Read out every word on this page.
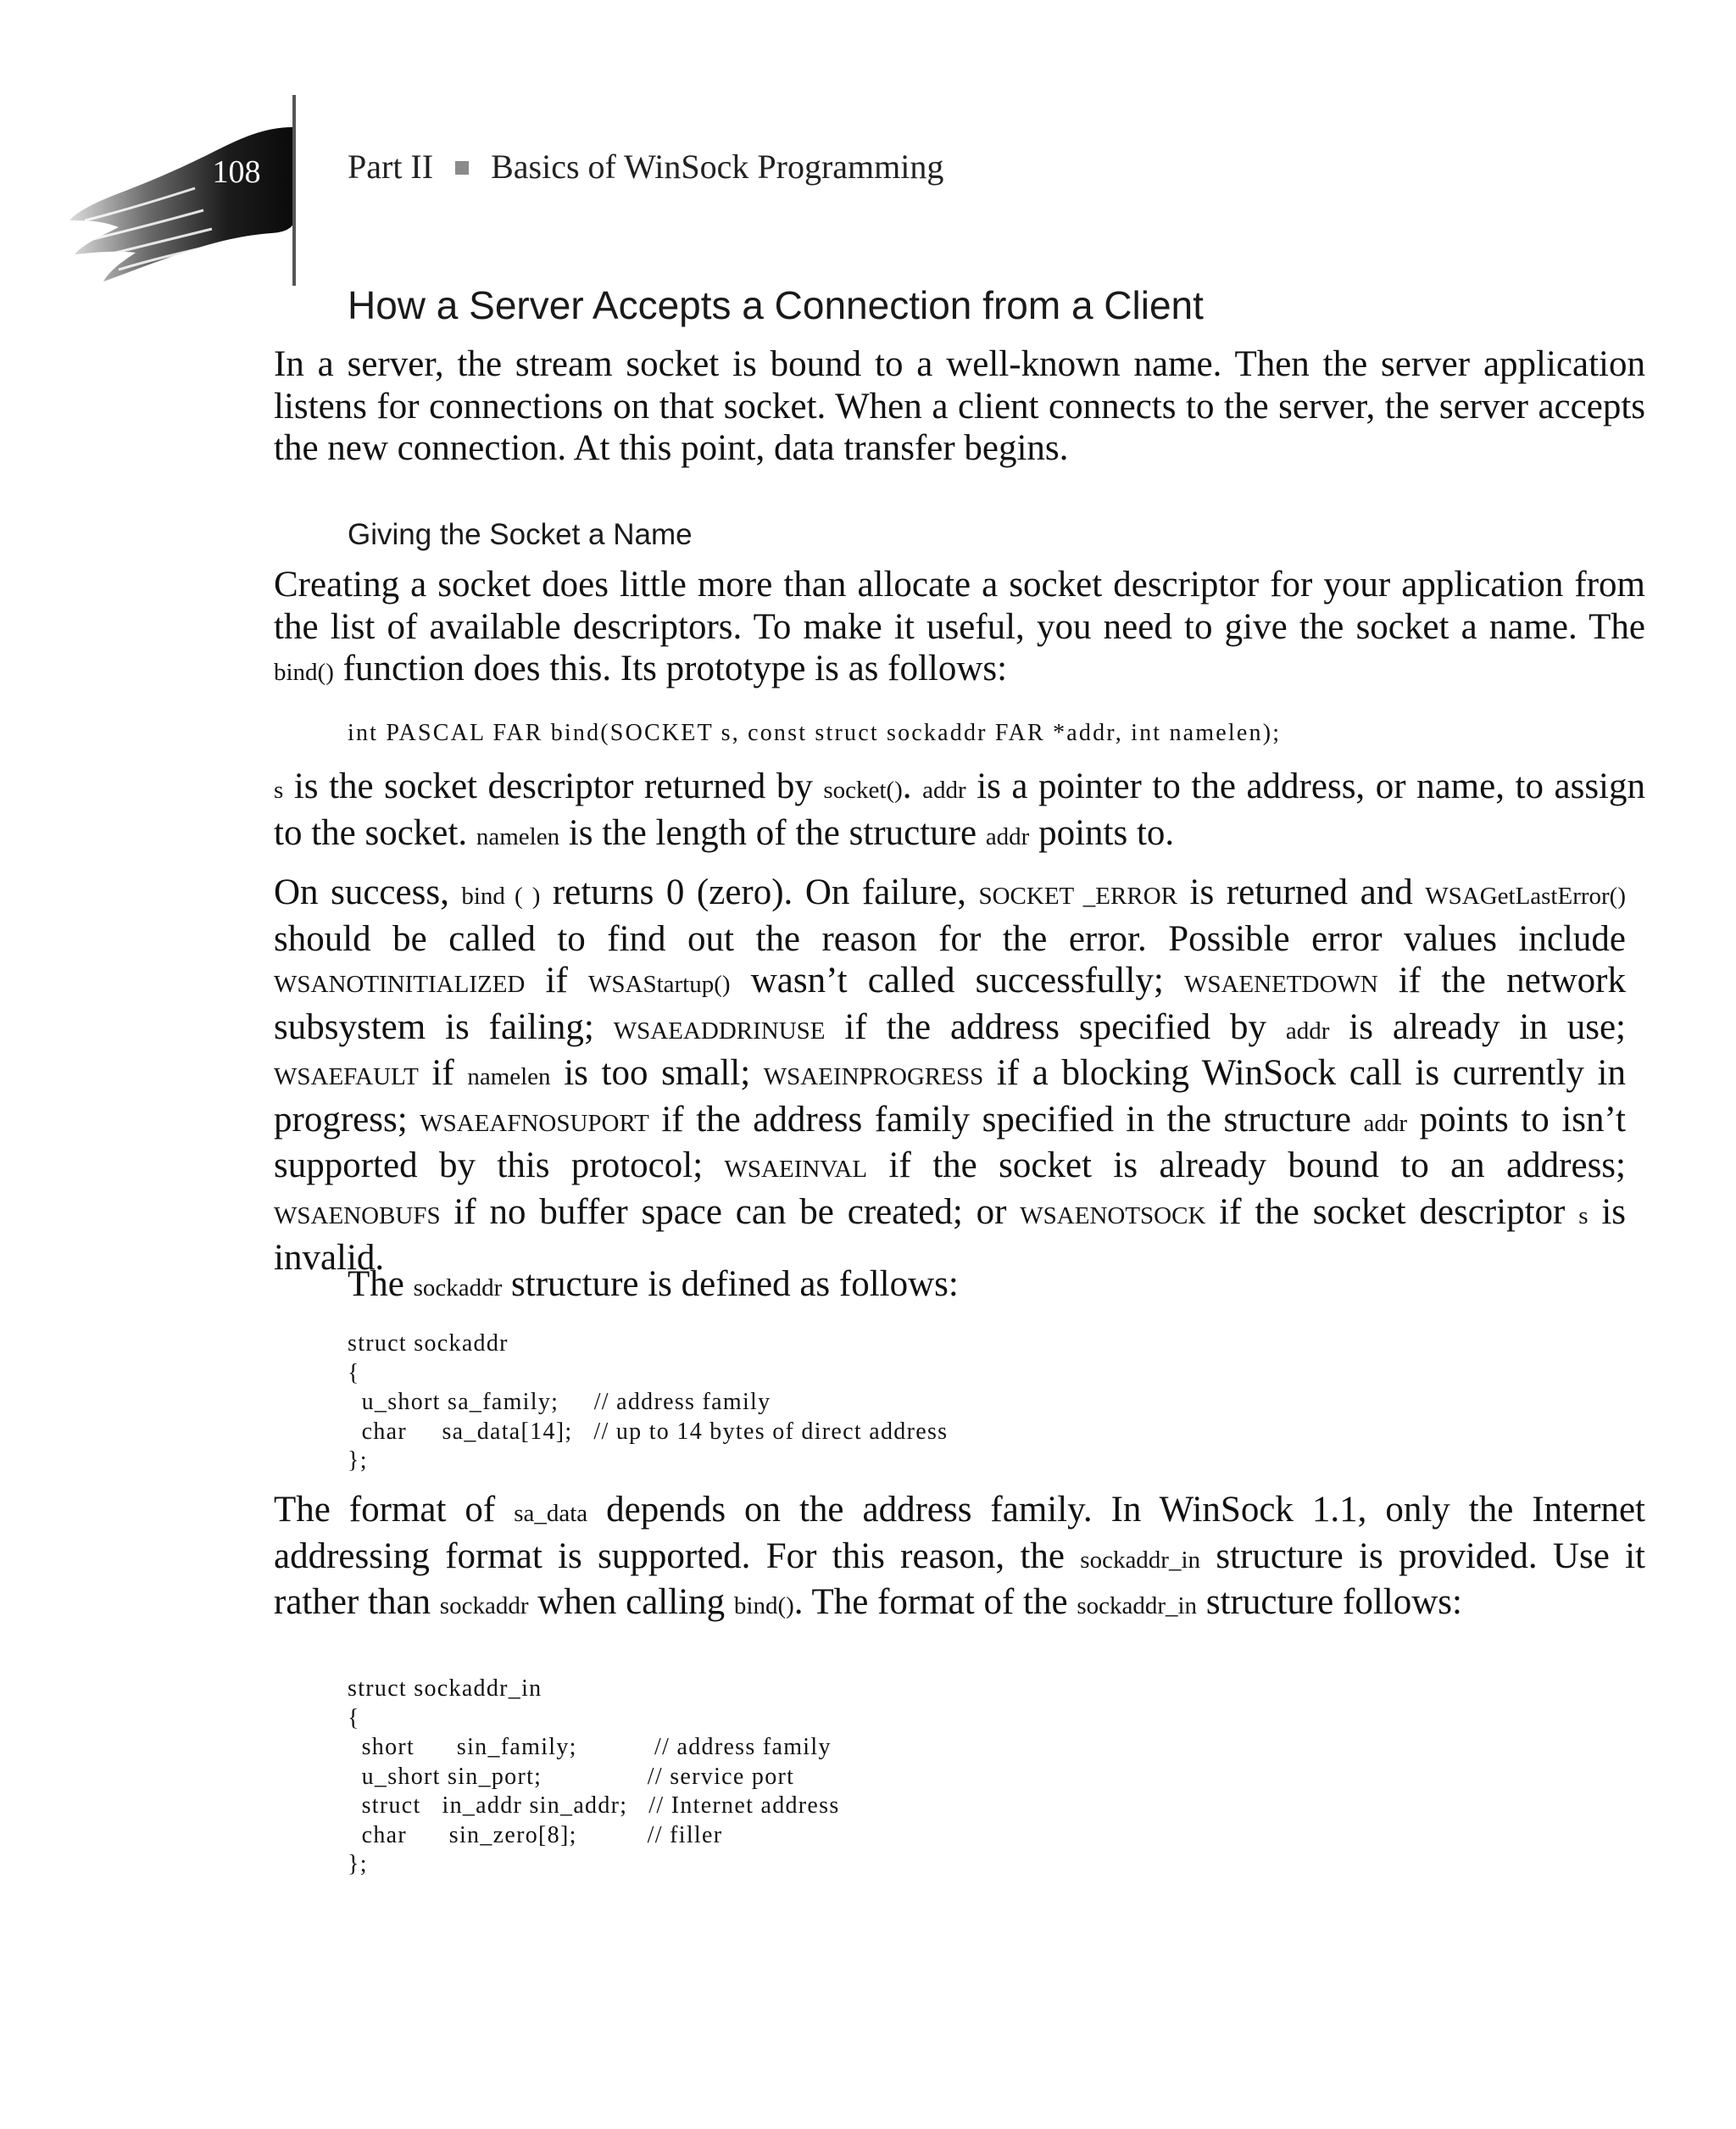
108	Part II Basics of WinSock Programming
How a Server Accepts a Connection from a Client
In a server, the stream socket is bound to a well-known name. Then the server application listens for connections on that socket. When a client connects to the server, the server accepts the new connection. At this point, data transfer begins.
Giving the Socket a Name
Creating a socket does little more than allocate a socket descriptor for your application from the list of available descriptors. To make it useful, you need to give the socket a name. The bind() function does this. Its prototype is as follows:
int PASCAL FAR bind(SOCKET s, const struct sockaddr FAR *addr, int namelen);
s is the socket descriptor returned by socket(). addr is a pointer to the address, or name, to assign to the socket. namelen is the length of the structure addr points to.
On success, bind ( ) returns 0 (zero). On failure, SOCKET _ERROR is returned and WSAGetLastError() should be called to find out the reason for the error. Possible error values include WSANOTINITIALIZED if WSAStartup() wasn’t called successfully; WSAENETDOWN if the network subsystem is failing; WSAEADDRINUSE if the address specified by addr is already in use; WSAEFAULT if namelen is too small; WSAEINPROGRESS if a blocking WinSock call is currently in progress; WSAEAFNOSUPORT if the address family specified in the structure addr points to isn’t supported by this protocol; WSAEINVAL if the socket is already bound to an address; WSAENOBUFS if no buffer space can be created; or WSAENOTSOCK if the socket descriptor s is invalid.
The sockaddr structure is defined as follows:
struct sockaddr
{
u_short sa_family;     // address family
char     sa_data[14];   // up to 14 bytes of direct address
};
The format of sa_data depends on the address family. In WinSock 1.1, only the Internet addressing format is supported. For this reason, the sockaddr_in structure is provided. Use it rather than sockaddr when calling bind(). The format of the sockaddr_in structure follows:
struct sockaddr_in
{
short      sin_family;           // address family
u_short sin_port;               // service port
struct   in_addr sin_addr;   // Internet address
char      sin_zero[8];          // filler
};
